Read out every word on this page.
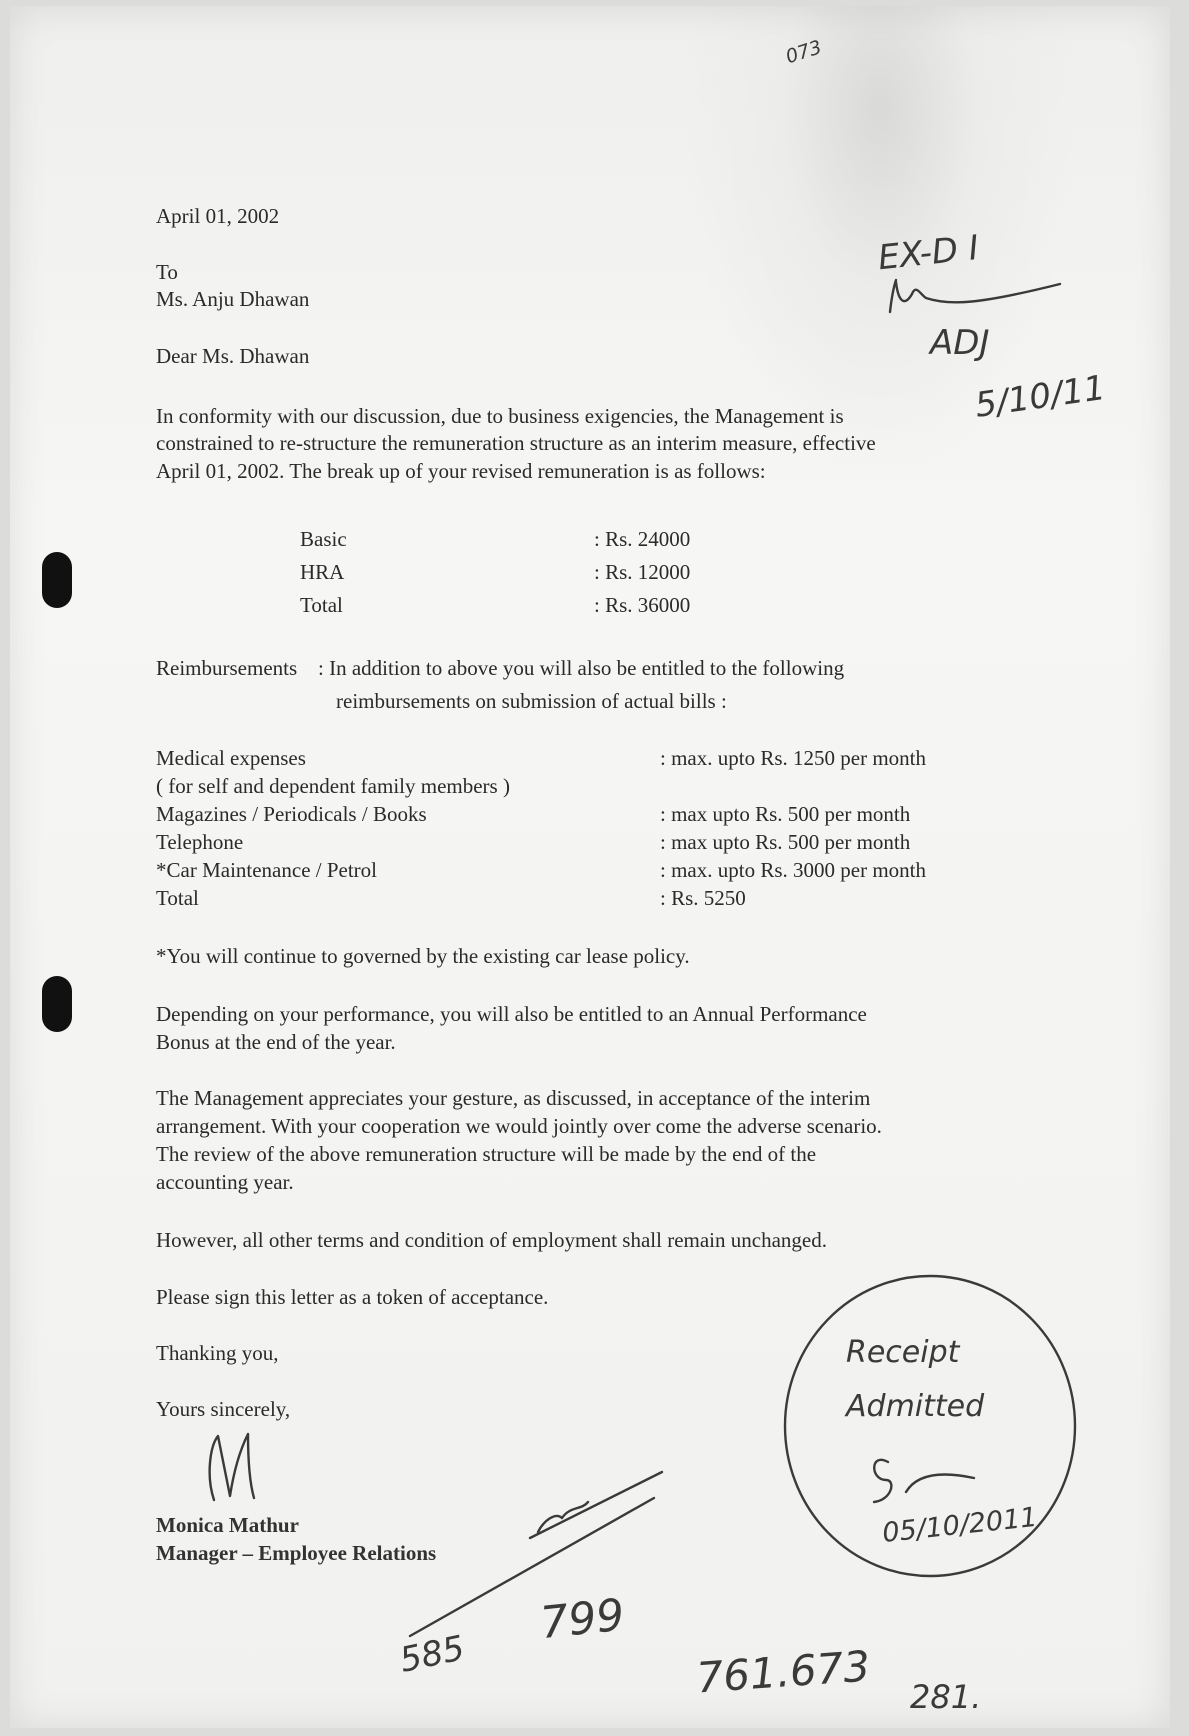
April 01, 2002
To
Ms. Anju Dhawan
Dear Ms. Dhawan
In conformity with our discussion, due to business exigencies, the Management is
constrained to re-structure the remuneration structure as an interim measure, effective
April 01, 2002. The break up of your revised remuneration is as follows:
Basic	: Rs. 24000
HRA	: Rs. 12000
Total	: Rs. 36000
Reimbursements : In addition to above you will also be entitled to the following
reimbursements on submission of actual bills :
Medical expenses	: max. upto Rs. 1250 per month
( for self and dependent family members )
Magazines / Periodicals / Books	: max upto Rs. 500 per month
Telephone	: max upto Rs. 500 per month
*Car Maintenance / Petrol	: max. upto Rs. 3000 per month
Total	: Rs. 5250
*You will continue to governed by the existing car lease policy.
Depending on your performance, you will also be entitled to an Annual Performance
Bonus at the end of the year.
The Management appreciates your gesture, as discussed, in acceptance of the interim
arrangement. With your cooperation we would jointly over come the adverse scenario.
The review of the above remuneration structure will be made by the end of the
accounting year.
However, all other terms and condition of employment shall remain unchanged.
Please sign this letter as a token of acceptance.
Thanking you,
Yours sincerely,
Monica Mathur
Manager – Employee Relations
073
EX-D I
ADJ
5/10/11
Receipt
Admitted
05/10/2011
585
799
761.673 281.
